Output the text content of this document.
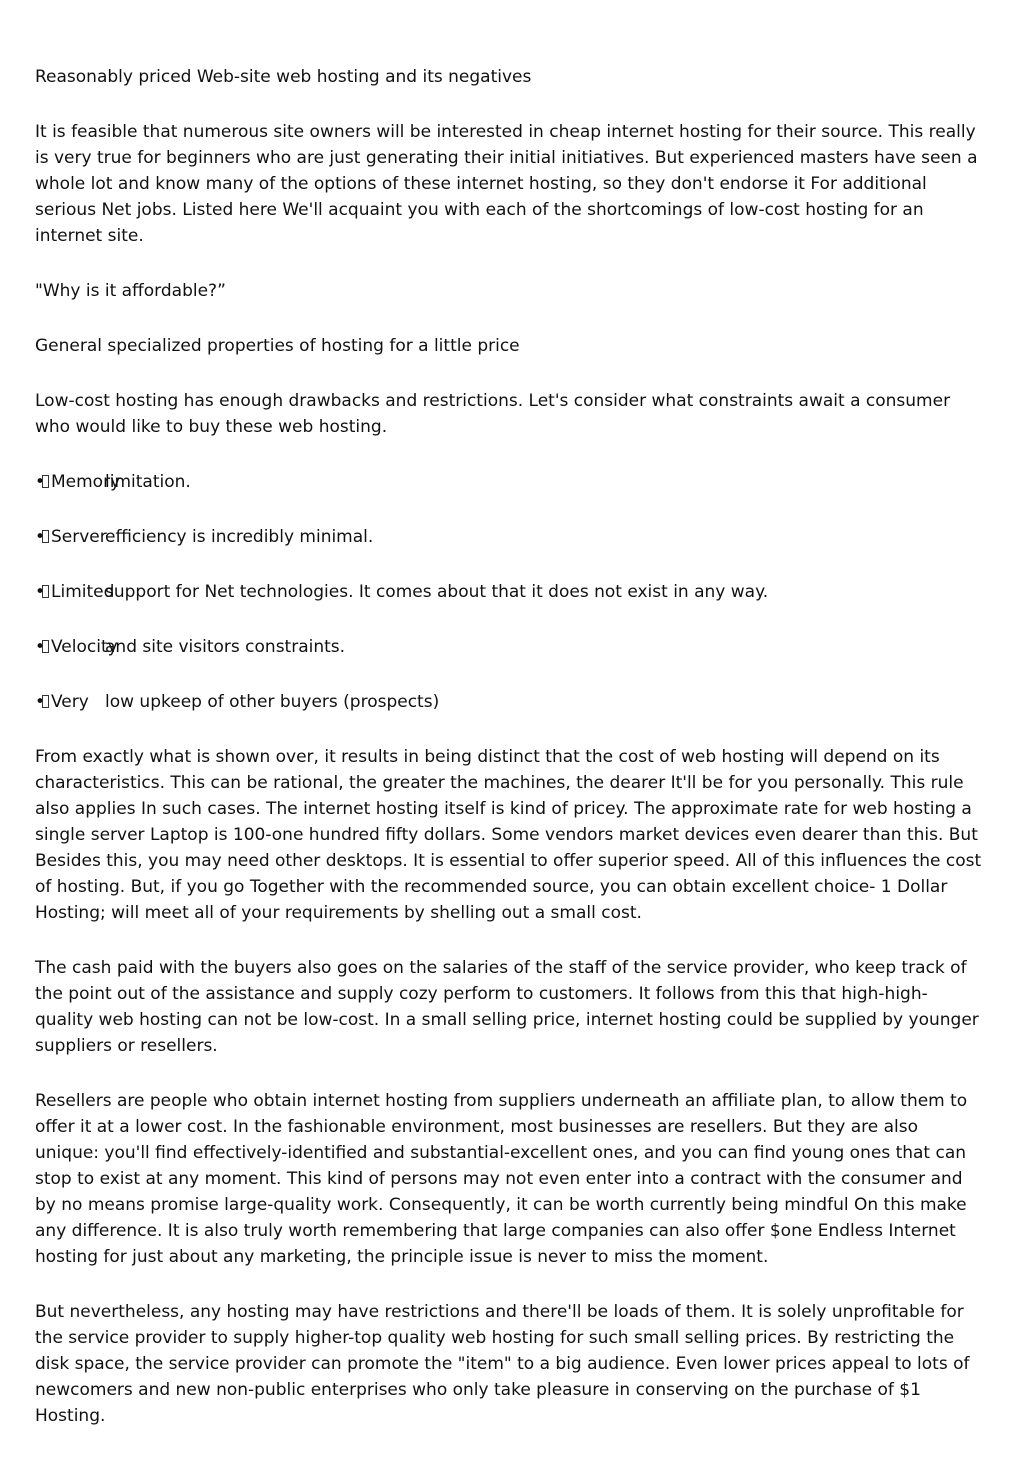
Reasonably priced Web-site web hosting and its negatives

It is feasible that numerous site owners will be interested in cheap internet hosting for their source. This really is very true for beginners who are just generating their initial initiatives. But experienced masters have seen a whole lot and know many of the options of these internet hosting, so they don't endorse it For additional serious Net jobs. Listed here We'll acquaint you with each of the shortcomings of low-cost hosting for an internet site.

"Why is it affordable?”

General specialized properties of hosting for a little price

Low-cost hosting has enough drawbacks and restrictions. Let's consider what constraints await a consumer who would like to buy these web hosting.

• Memory
limitation.
• Server
efficiency is incredibly minimal.
• Limited
support for Net technologies. It comes about that it does not exist in any way.
• Velocity
and site visitors constraints.
• Very low upkeep of other buyers (prospects)

From exactly what is shown over, it results in being distinct that the cost of web hosting will depend on its characteristics. This can be rational, the greater the machines, the dearer It'll be for you personally. This rule also applies In such cases. The internet hosting itself is kind of pricey. The approximate rate for web hosting a single server Laptop is 100-one hundred fifty dollars. Some vendors market devices even dearer than this. But Besides this, you may need other desktops. It is essential to offer superior speed. All of this influences the cost of hosting. But, if you go Together with the recommended source, you can obtain excellent choice- 1 Dollar Hosting; will meet all of your requirements by shelling out a small cost.

The cash paid with the buyers also goes on the salaries of the staff of the service provider, who keep track of the point out of the assistance and supply cozy perform to customers. It follows from this that high-high-quality web hosting can not be low-cost. In a small selling price, internet hosting could be supplied by younger suppliers or resellers.

Resellers are people who obtain internet hosting from suppliers underneath an affiliate plan, to allow them to offer it at a lower cost. In the fashionable environment, most businesses are resellers. But they are also unique: you'll find effectively-identified and substantial-excellent ones, and you can find young ones that can stop to exist at any moment. This kind of persons may not even enter into a contract with the consumer and by no means promise large-quality work. Consequently, it can be worth currently being mindful On this make any difference. It is also truly worth remembering that large companies can also offer $one Endless Internet hosting for just about any marketing, the principle issue is never to miss the moment.

But nevertheless, any hosting may have restrictions and there'll be loads of them. It is solely unprofitable for the service provider to supply higher-top quality web hosting for such small selling prices. By restricting the disk space, the service provider can promote the "item" to a big audience. Even lower prices appeal to lots of newcomers and new non-public enterprises who only take pleasure in conserving on the purchase of $1 Hosting.
